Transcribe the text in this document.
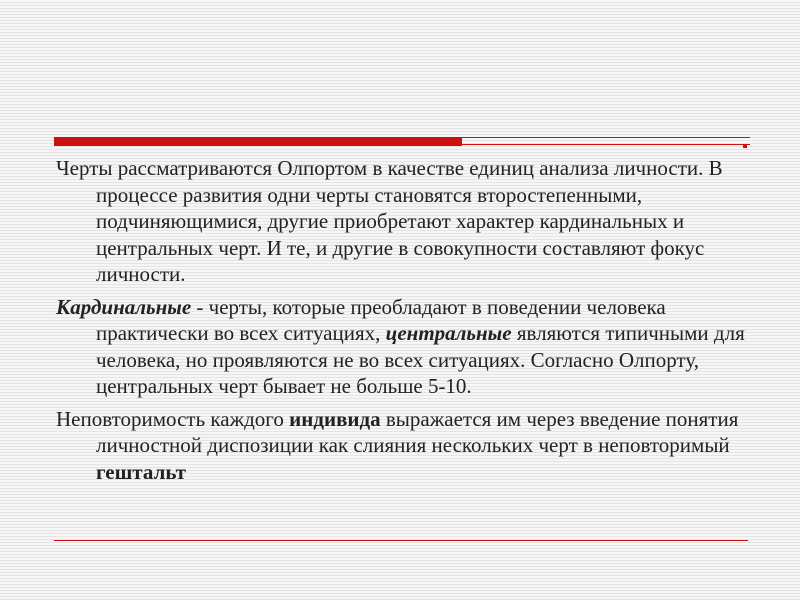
Черты рассматриваются Олпортом в качестве единиц анализа личности. В процессе развития одни черты становятся второстепенными, подчиняющимися, другие приобретают характер кардинальных и центральных черт. И те, и другие в совокупности составляют фокус личности.

Кардинальные - черты, которые преобладают в поведении человека практически во всех ситуациях, центральные являются типичными для человека, но проявляются не во всех ситуациях. Согласно Олпорту, центральных черт бывает не больше 5-10.

Неповторимость каждого индивида выражается им через введение понятия личностной диспозиции как слияния нескольких черт в неповторимый гештальт
